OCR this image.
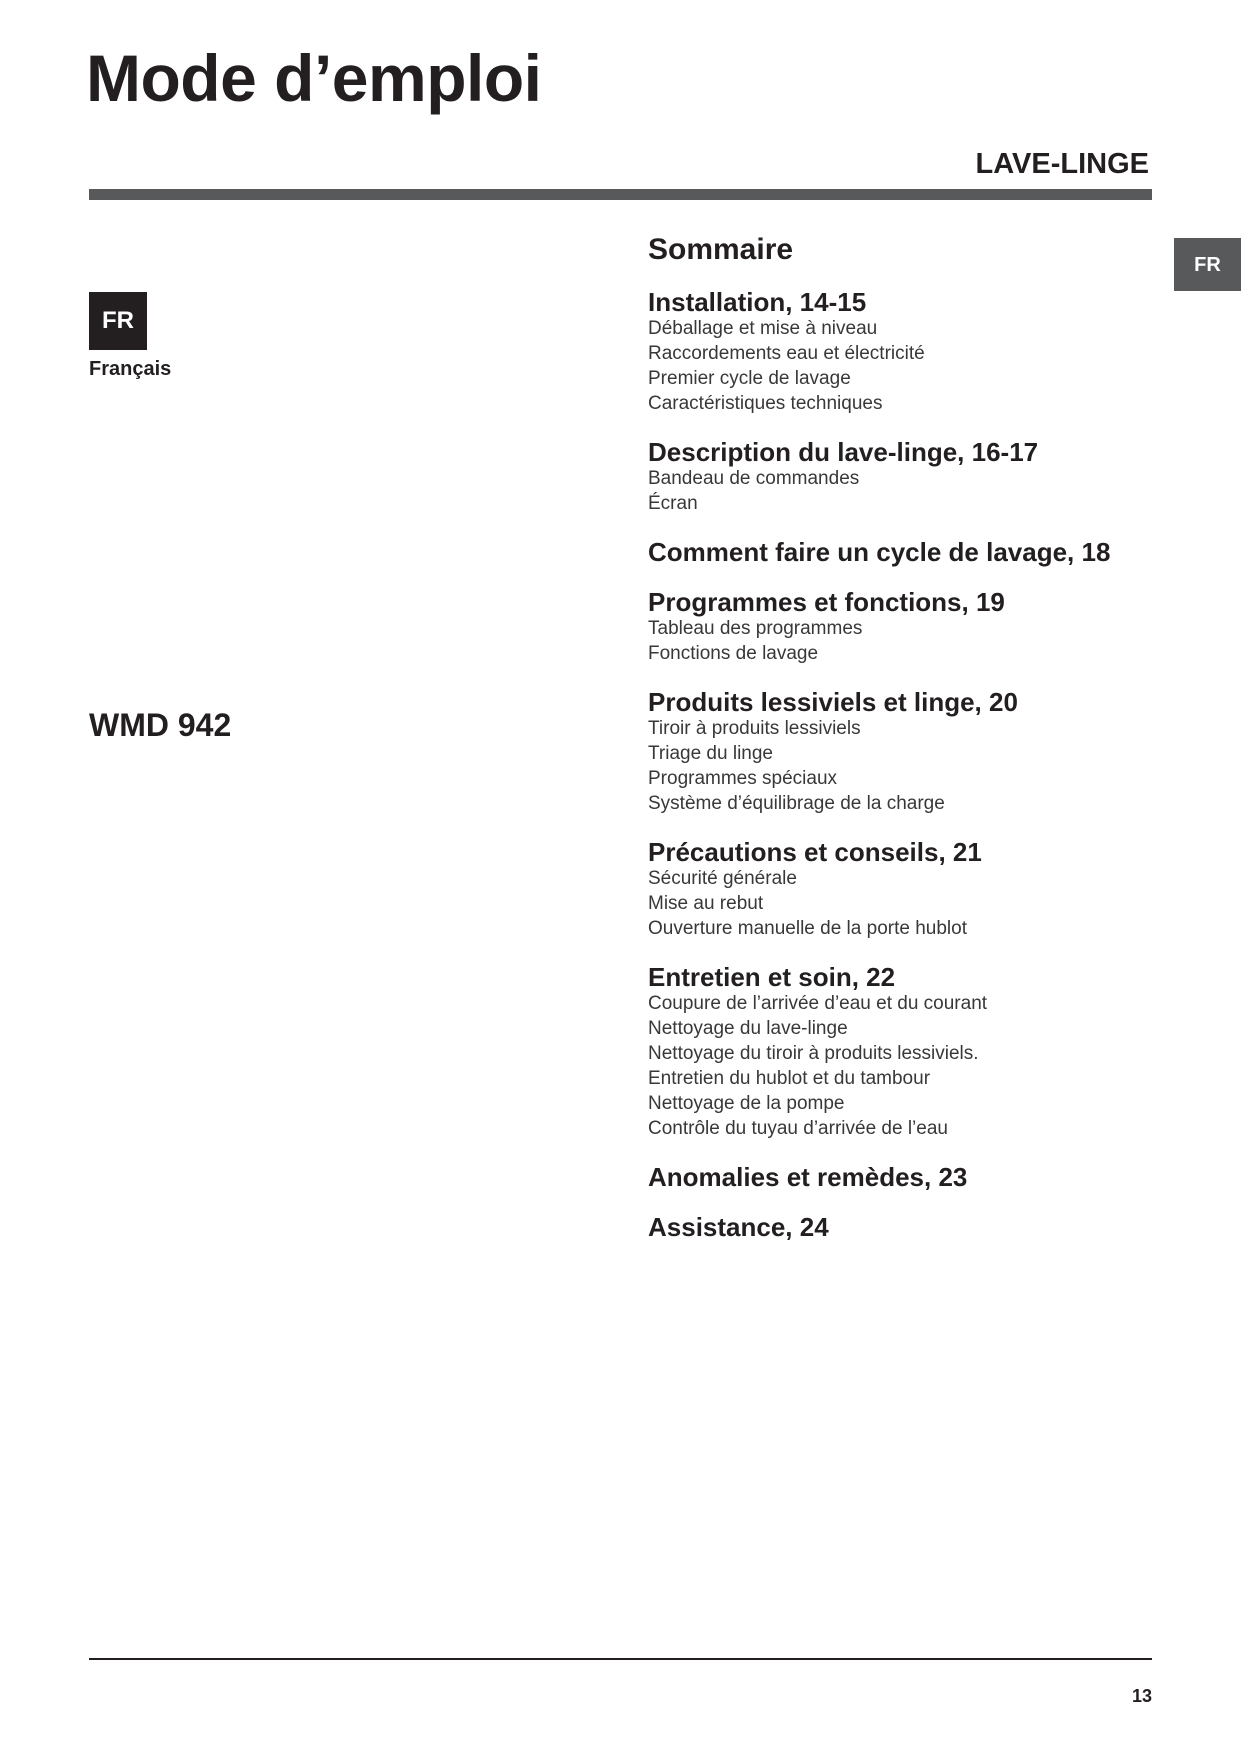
Mode d’emploi
LAVE-LINGE
FR
FR
Français
WMD 942
Sommaire
Installation, 14-15
Déballage et mise à niveau
Raccordements eau et électricité
Premier cycle de lavage
Caractéristiques techniques
Description du lave-linge, 16-17
Bandeau de commandes
Écran
Comment faire un cycle de lavage, 18
Programmes et fonctions, 19
Tableau des programmes
Fonctions de lavage
Produits lessiviels et linge, 20
Tiroir à produits lessiviels
Triage du linge
Programmes spéciaux
Système d’équilibrage de la charge
Précautions et conseils, 21
Sécurité générale
Mise au rebut
Ouverture manuelle de la porte hublot
Entretien et soin, 22
Coupure de l’arrivée d’eau et du courant
Nettoyage du lave-linge
Nettoyage du tiroir à produits lessiviels.
Entretien du hublot et du tambour
Nettoyage de la pompe
Contrôle du tuyau d’arrivée de l’eau
Anomalies et remèdes, 23
Assistance, 24
13
